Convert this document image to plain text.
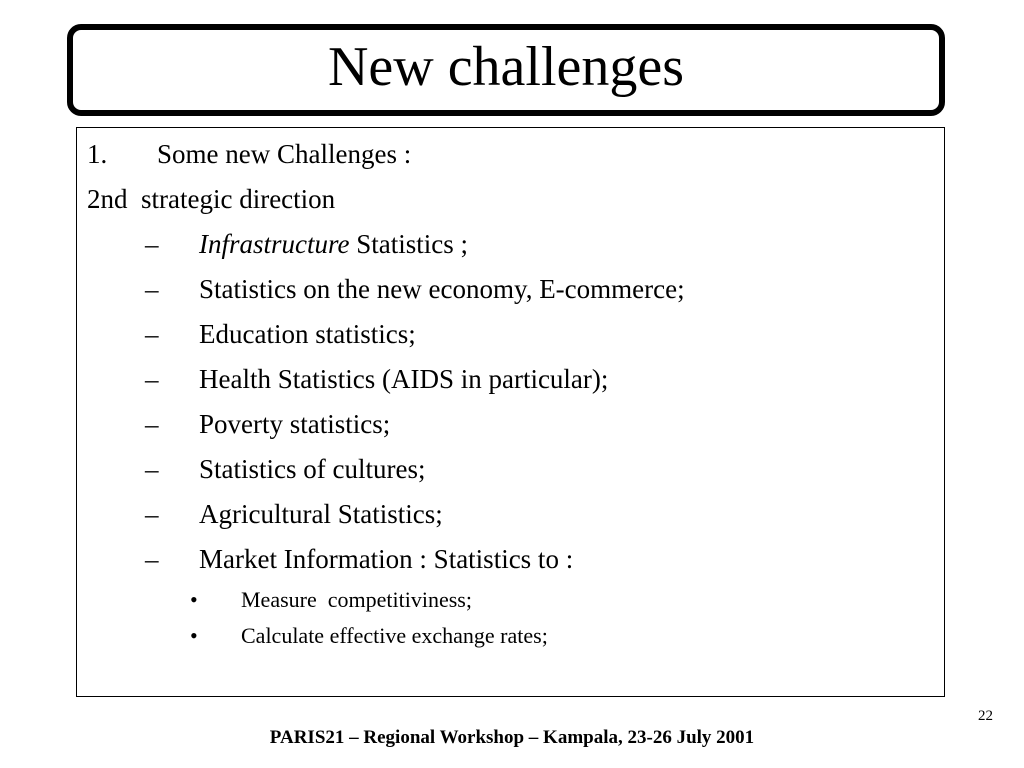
New challenges
1. Some new Challenges :
2nd  strategic direction
– Infrastructure Statistics ;
– Statistics on the new economy, E-commerce;
– Education statistics;
– Health Statistics (AIDS in particular);
– Poverty statistics;
– Statistics of cultures;
– Agricultural Statistics;
– Market Information : Statistics to :
• Measure  competitiviness;
• Calculate effective exchange rates;
22
PARIS21 – Regional Workshop – Kampala, 23-26 July 2001
